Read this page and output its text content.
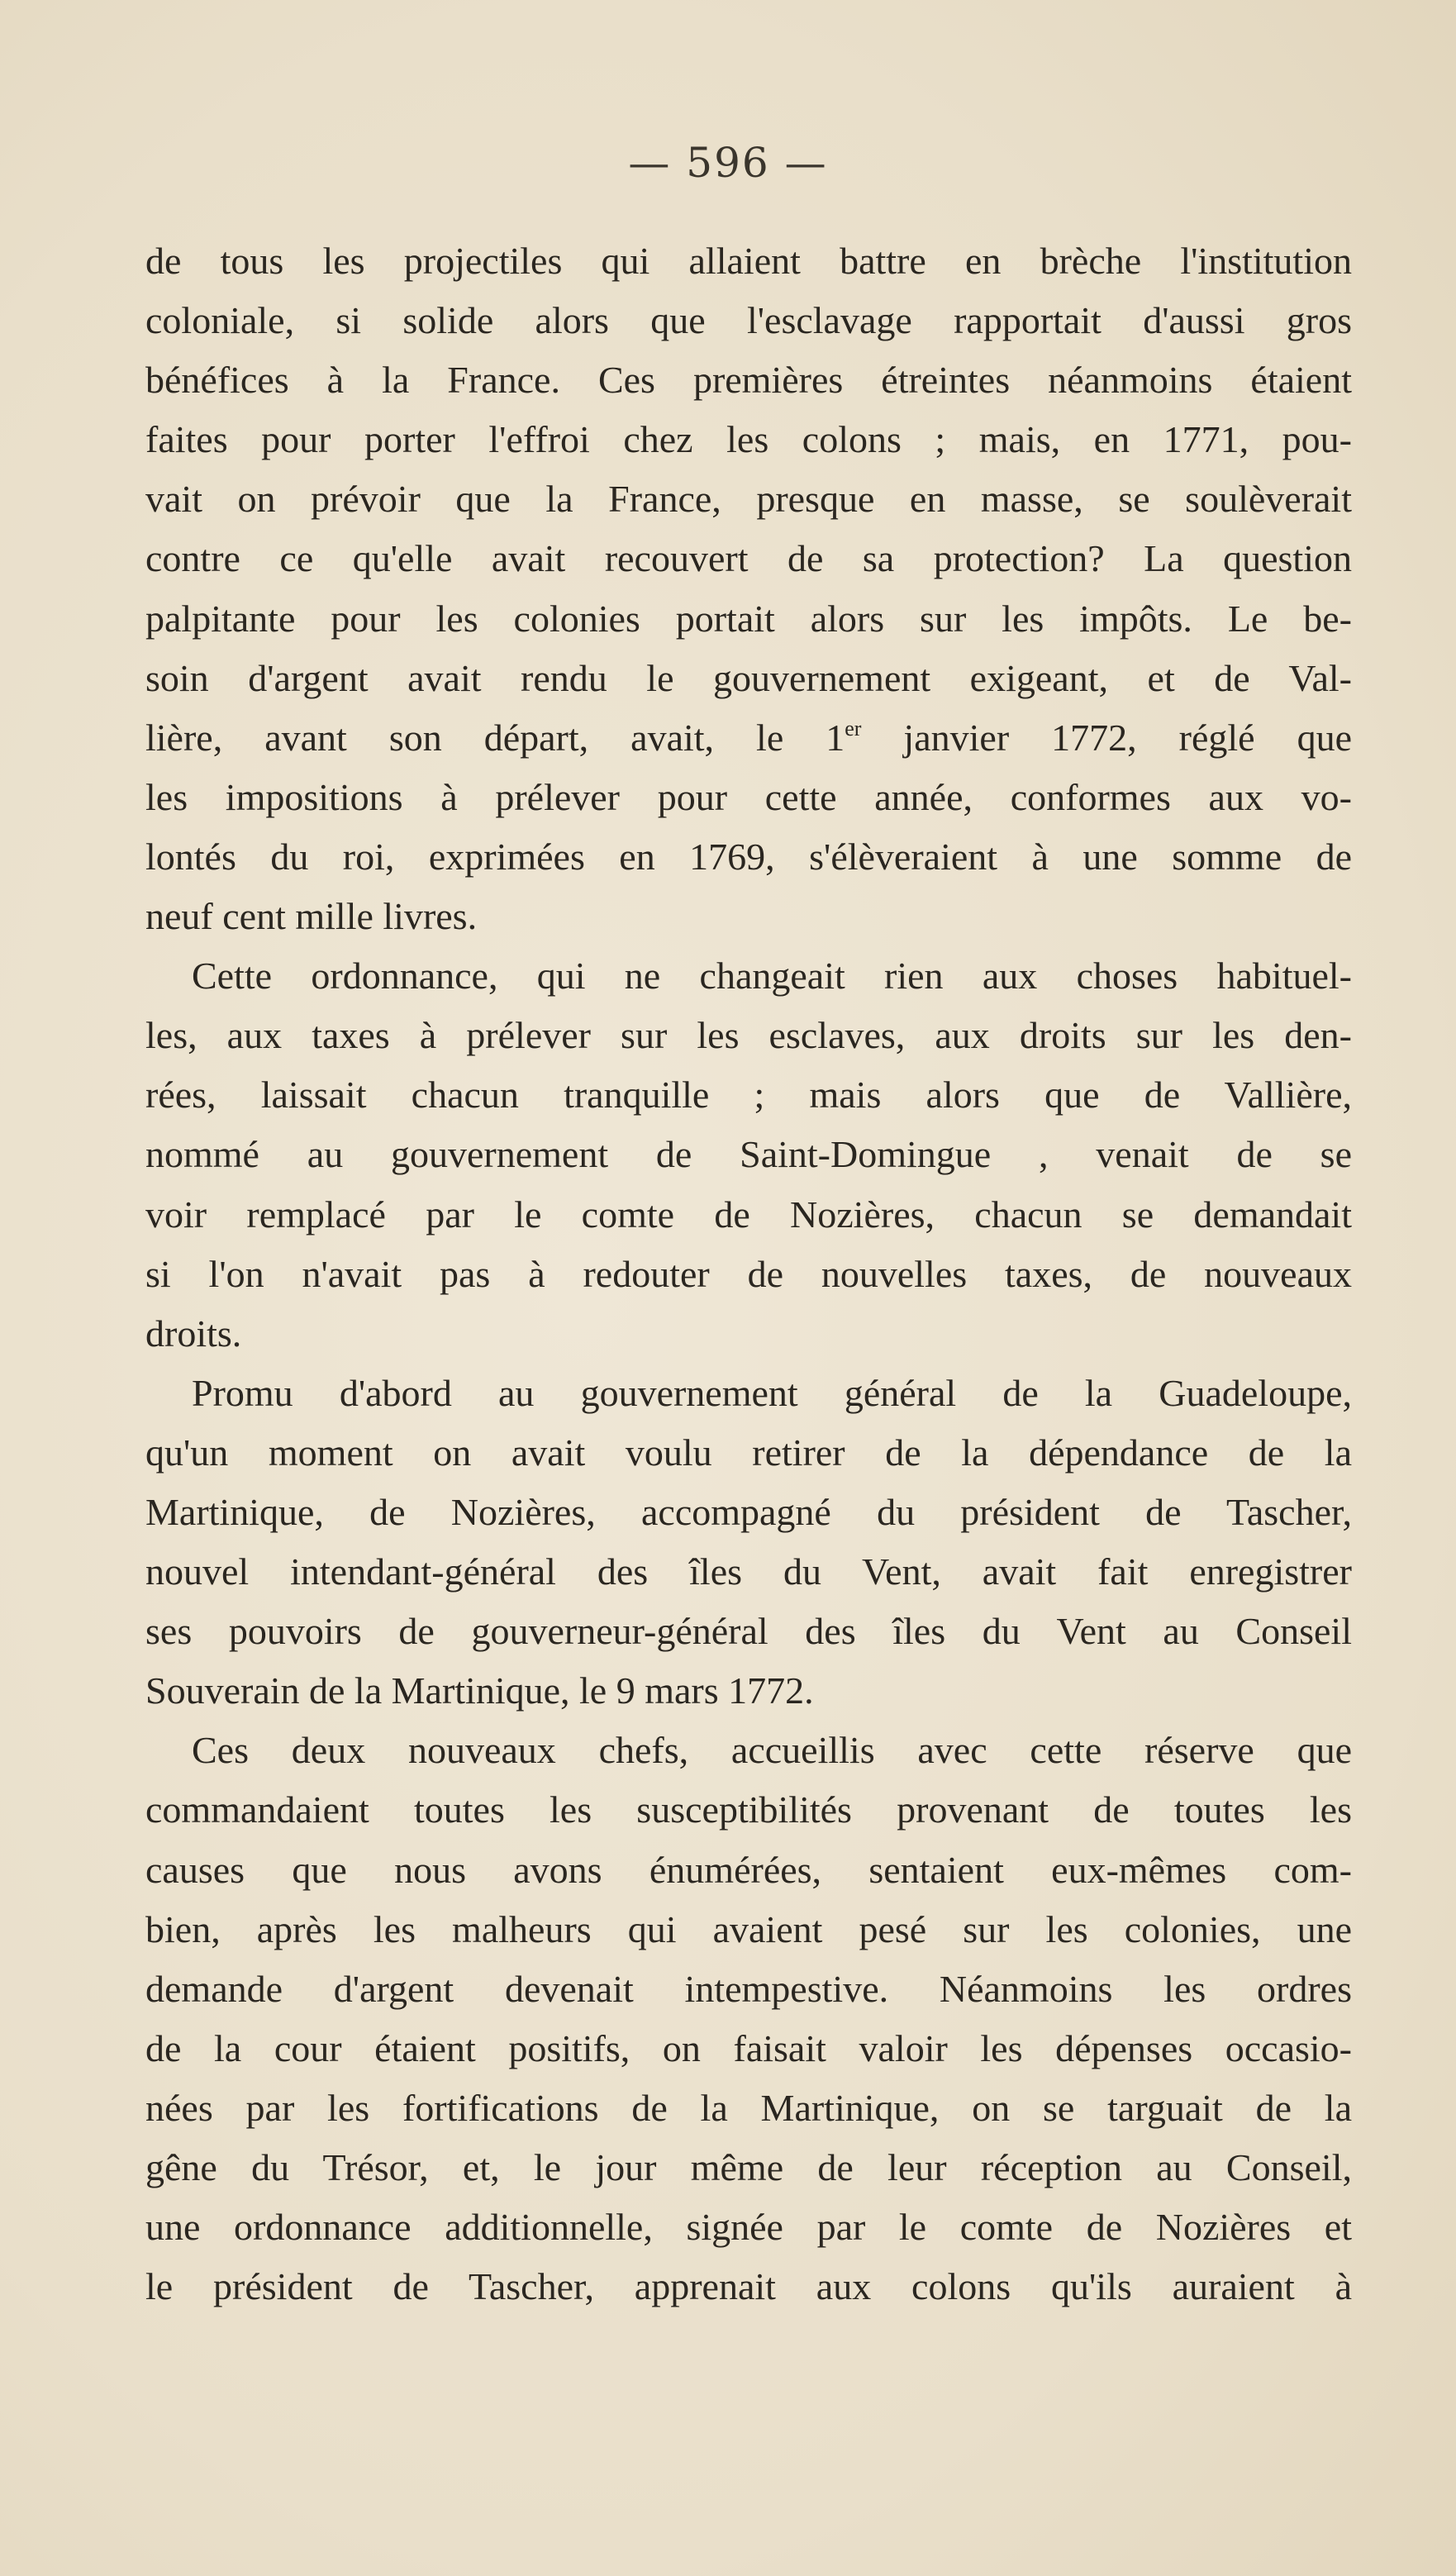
— 596 —
de tous les projectiles qui allaient battre en brèche l'institution
coloniale, si solide alors que l'esclavage rapportait d'aussi gros
bénéfices à la France. Ces premières étreintes néanmoins étaient
faites pour porter l'effroi chez les colons ; mais, en 1771, pou-
vait on prévoir que la France, presque en masse, se soulèverait
contre ce qu'elle avait recouvert de sa protection? La question
palpitante pour les colonies portait alors sur les impôts. Le be-
soin d'argent avait rendu le gouvernement exigeant, et de Val-
lière, avant son départ, avait, le 1er janvier 1772, réglé que
les impositions à prélever pour cette année, conformes aux vo-
lontés du roi, exprimées en 1769, s'élèveraient à une somme de
neuf cent mille livres.
Cette ordonnance, qui ne changeait rien aux choses habituel-
les, aux taxes à prélever sur les esclaves, aux droits sur les den-
rées, laissait chacun tranquille ; mais alors que de Vallière,
nommé au gouvernement de Saint-Domingue , venait de se
voir remplacé par le comte de Nozières, chacun se demandait
si l'on n'avait pas à redouter de nouvelles taxes, de nouveaux
droits.
Promu d'abord au gouvernement général de la Guadeloupe,
qu'un moment on avait voulu retirer de la dépendance de la
Martinique, de Nozières, accompagné du président de Tascher,
nouvel intendant-général des îles du Vent, avait fait enregistrer
ses pouvoirs de gouverneur-général des îles du Vent au Conseil
Souverain de la Martinique, le 9 mars 1772.
Ces deux nouveaux chefs, accueillis avec cette réserve que
commandaient toutes les susceptibilités provenant de toutes les
causes que nous avons énumérées, sentaient eux-mêmes com-
bien, après les malheurs qui avaient pesé sur les colonies, une
demande d'argent devenait intempestive. Néanmoins les ordres
de la cour étaient positifs, on faisait valoir les dépenses occasio-
nées par les fortifications de la Martinique, on se targuait de la
gêne du Trésor, et, le jour même de leur réception au Conseil,
une ordonnance additionnelle, signée par le comte de Nozières et
le président de Tascher, apprenait aux colons qu'ils auraient à
